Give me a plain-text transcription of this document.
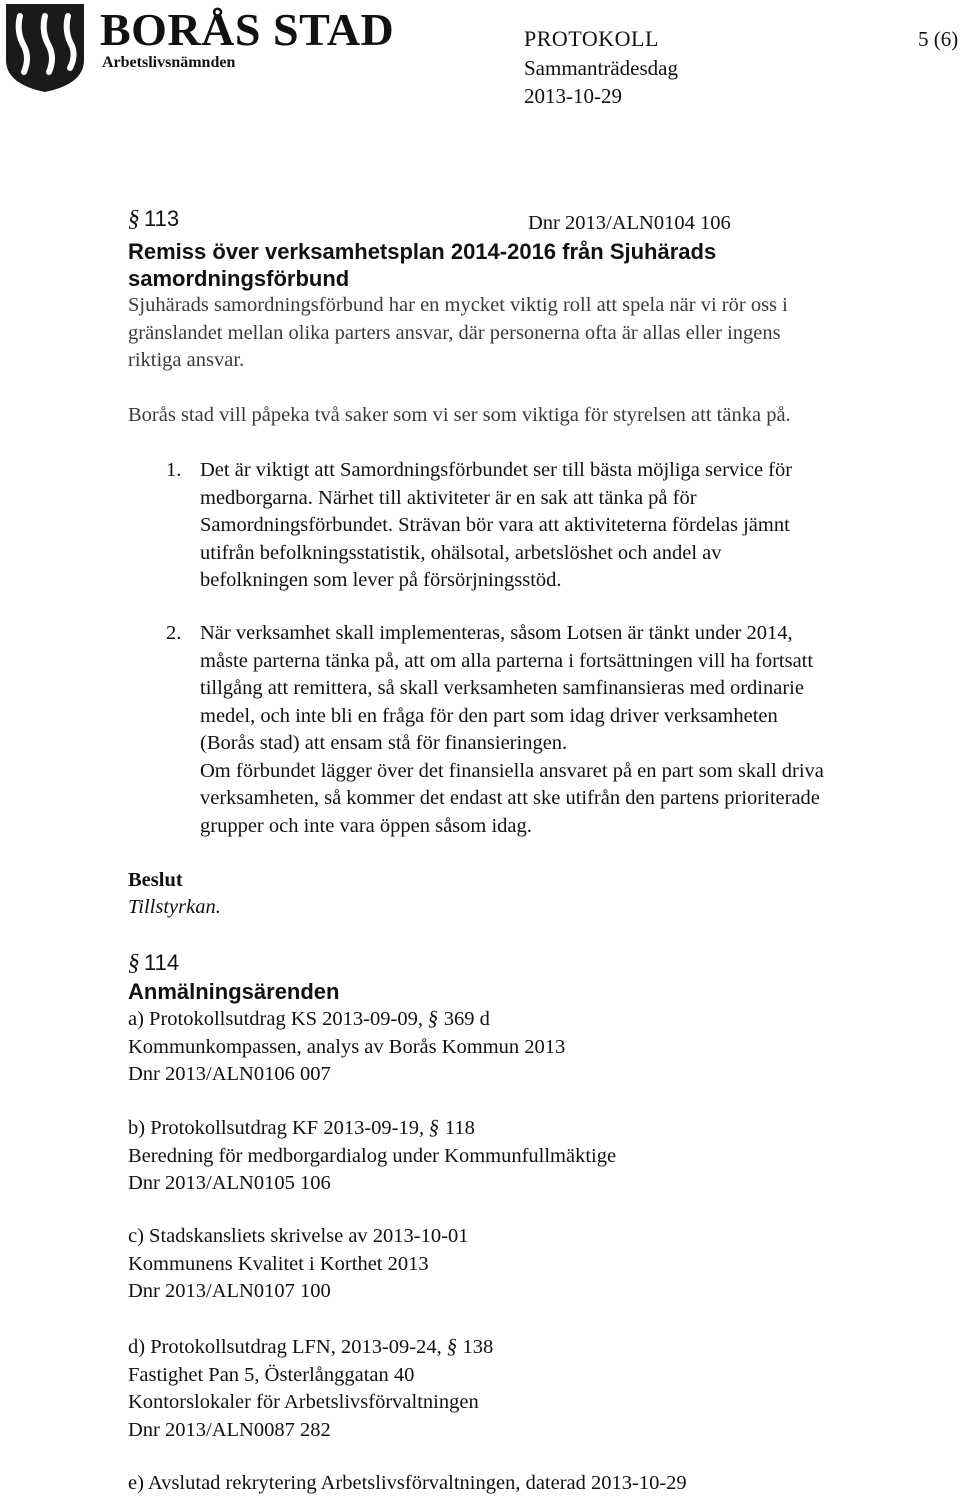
BORÅS STAD
Arbetslivsnämnden
PROTOKOLL	5 (6)
Sammanträdesdag
2013-10-29
§ 113	Dnr 2013/ALN0104 106
Remiss över verksamhetsplan 2014-2016 från Sjuhärads
samordningsförbund
Sjuhärads samordningsförbund har en mycket viktig roll att spela när vi rör oss i
gränslandet mellan olika parters ansvar, där personerna ofta är allas eller ingens
riktiga ansvar.
Borås stad vill påpeka två saker som vi ser som viktiga för styrelsen att tänka på.
1. Det är viktigt att Samordningsförbundet ser till bästa möjliga service för
medborgarna. Närhet till aktiviteter är en sak att tänka på för
Samordningsförbundet. Strävan bör vara att aktiviteterna fördelas jämnt
utifrån befolkningsstatistik, ohälsotal, arbetslöshet och andel av
befolkningen som lever på försörjningsstöd.
2. När verksamhet skall implementeras, såsom Lotsen är tänkt under 2014,
måste parterna tänka på, att om alla parterna i fortsättningen vill ha fortsatt
tillgång att remittera, så skall verksamheten samfinansieras med ordinarie
medel, och inte bli en fråga för den part som idag driver verksamheten
(Borås stad) att ensam stå för finansieringen.
Om förbundet lägger över det finansiella ansvaret på en part som skall driva
verksamheten, så kommer det endast att ske utifrån den partens prioriterade
grupper och inte vara öppen såsom idag.
Beslut
Tillstyrkan.
§ 114
Anmälningsärenden
a) Protokollsutdrag KS 2013-09-09, § 369 d
Kommunkompassen, analys av Borås Kommun 2013
Dnr 2013/ALN0106 007
b) Protokollsutdrag KF 2013-09-19, § 118
Beredning för medborgardialog under Kommunfullmäktige
Dnr 2013/ALN0105 106
c) Stadskansliets skrivelse av 2013-10-01
Kommunens Kvalitet i Korthet 2013
Dnr 2013/ALN0107 100
d) Protokollsutdrag LFN, 2013-09-24, § 138
Fastighet Pan 5, Österlånggatan 40
Kontorslokaler för Arbetslivsförvaltningen
Dnr 2013/ALN0087 282
e) Avslutad rekrytering Arbetslivsförvaltningen, daterad 2013-10-29
